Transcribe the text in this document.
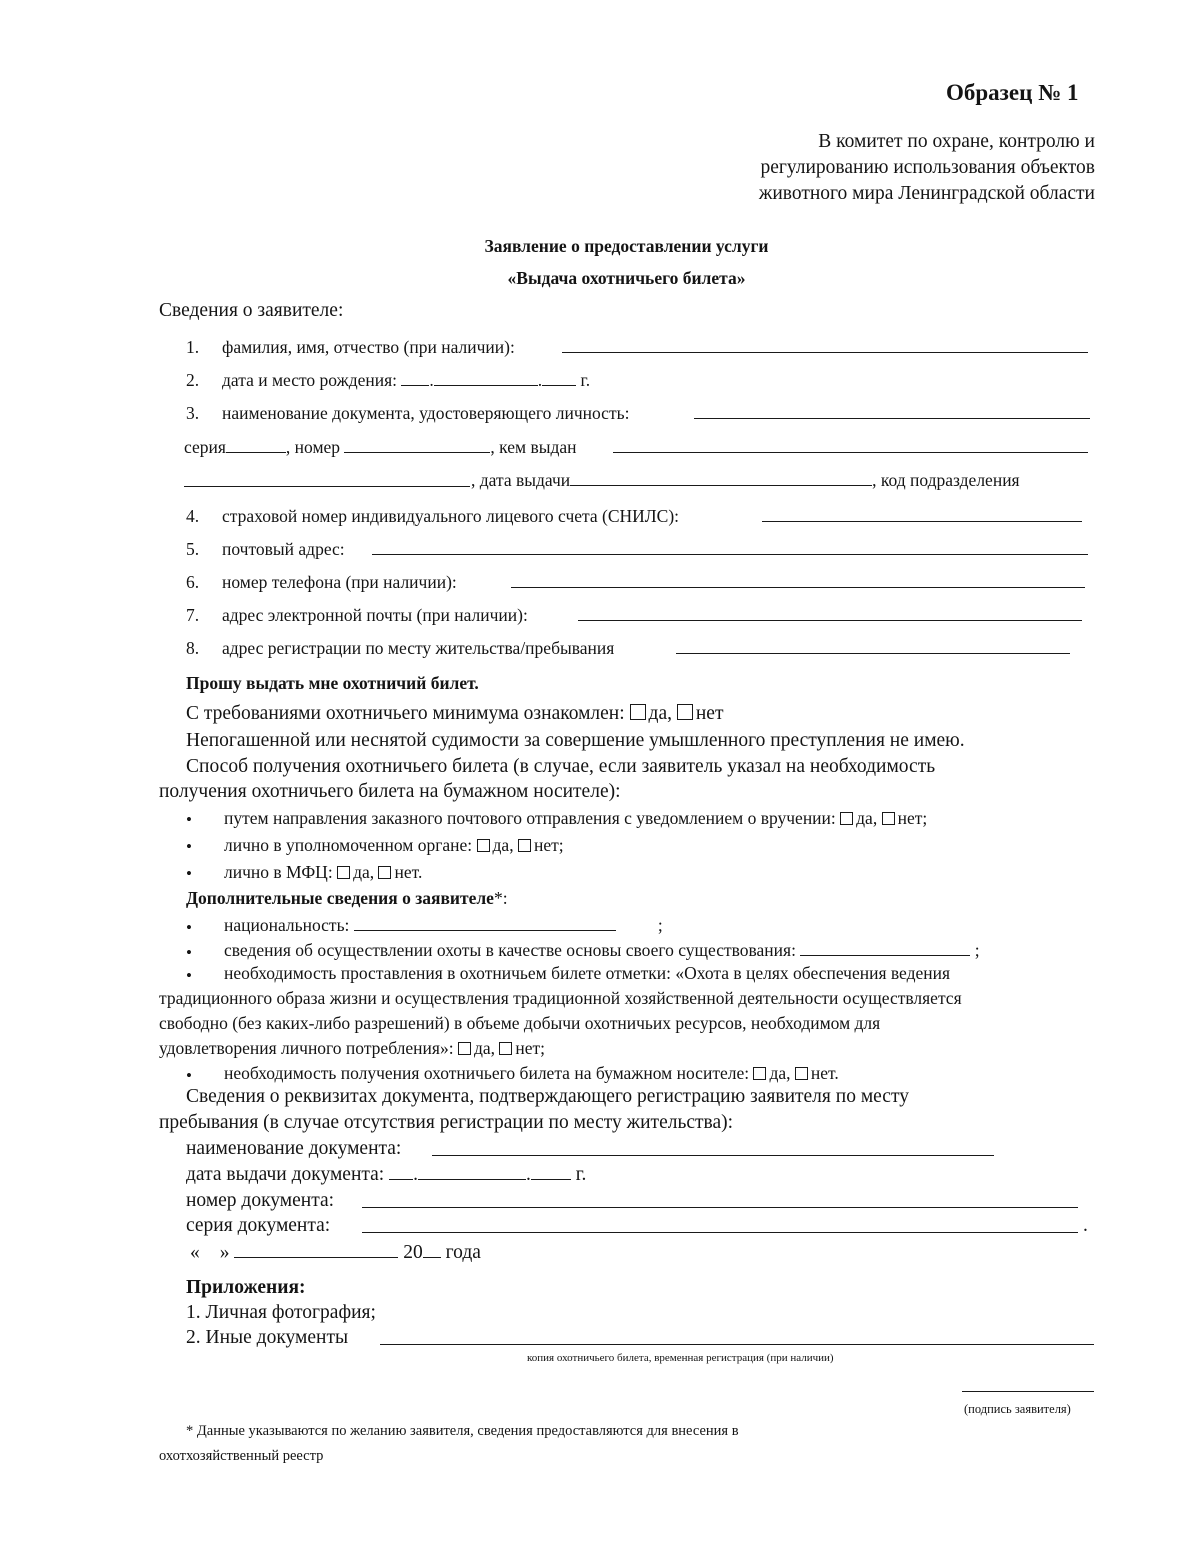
Образец № 1
В комитет по охране, контролю и
регулированию использования объектов
животного мира Ленинградской области
Заявление о предоставлении услуги
«Выдача охотничьего билета»
Сведения о заявителе:
1. фамилия, имя, отчество (при наличии):
2. дата и место рождения: .	. г.
3. наименование документа, удостоверяющего личность:
серия	, номер	, кем выдан
, дата выдачи	, код подразделения
4. страховой номер индивидуального лицевого счета (СНИЛС):
5. почтовый адрес:
6. номер телефона (при наличии):
7. адрес электронной почты (при наличии):
8. адрес регистрации по месту жительства/пребывания
Прошу выдать мне охотничий билет.
С требованиями охотничьего минимума ознакомлен: да, нет
Непогашенной или неснятой судимости за совершение умышленного преступления не имею.
Способ получения охотничьего билета (в случае, если заявитель указал на необходимость
получения охотничьего билета на бумажном носителе):
• путем направления заказного почтового отправления с уведомлением о вручении: да, нет;
• лично в уполномоченном органе: да, нет;
• лично в МФЦ: да, нет.
Дополнительные сведения о заявителе*:
• национальность:	;
• сведения об осуществлении охоты в качестве основы своего существования:	;
• необходимость проставления в охотничьем билете отметки: «Охота в целях обеспечения ведения
традиционного образа жизни и осуществления традиционной хозяйственной деятельности осуществляется
свободно (без каких-либо разрешений) в объеме добычи охотничьих ресурсов, необходимом для
удовлетворения личного потребления»: да, нет;
• необходимость получения охотничьего билета на бумажном носителе: да, нет.
Сведения о реквизитах документа, подтверждающего регистрацию заявителя по месту
пребывания (в случае отсутствия регистрации по месту жительства):
наименование документа:
дата выдачи документа: .	. г.
номер документа:
серия документа:	.
« »	20 года
Приложения:
1. Личная фотография;
2. Иные документы
копия охотничьего билета, временная регистрация (при наличии)
(подпись заявителя)
* Данные указываются по желанию заявителя, сведения предоставляются для внесения в
охотхозяйственный реестр
